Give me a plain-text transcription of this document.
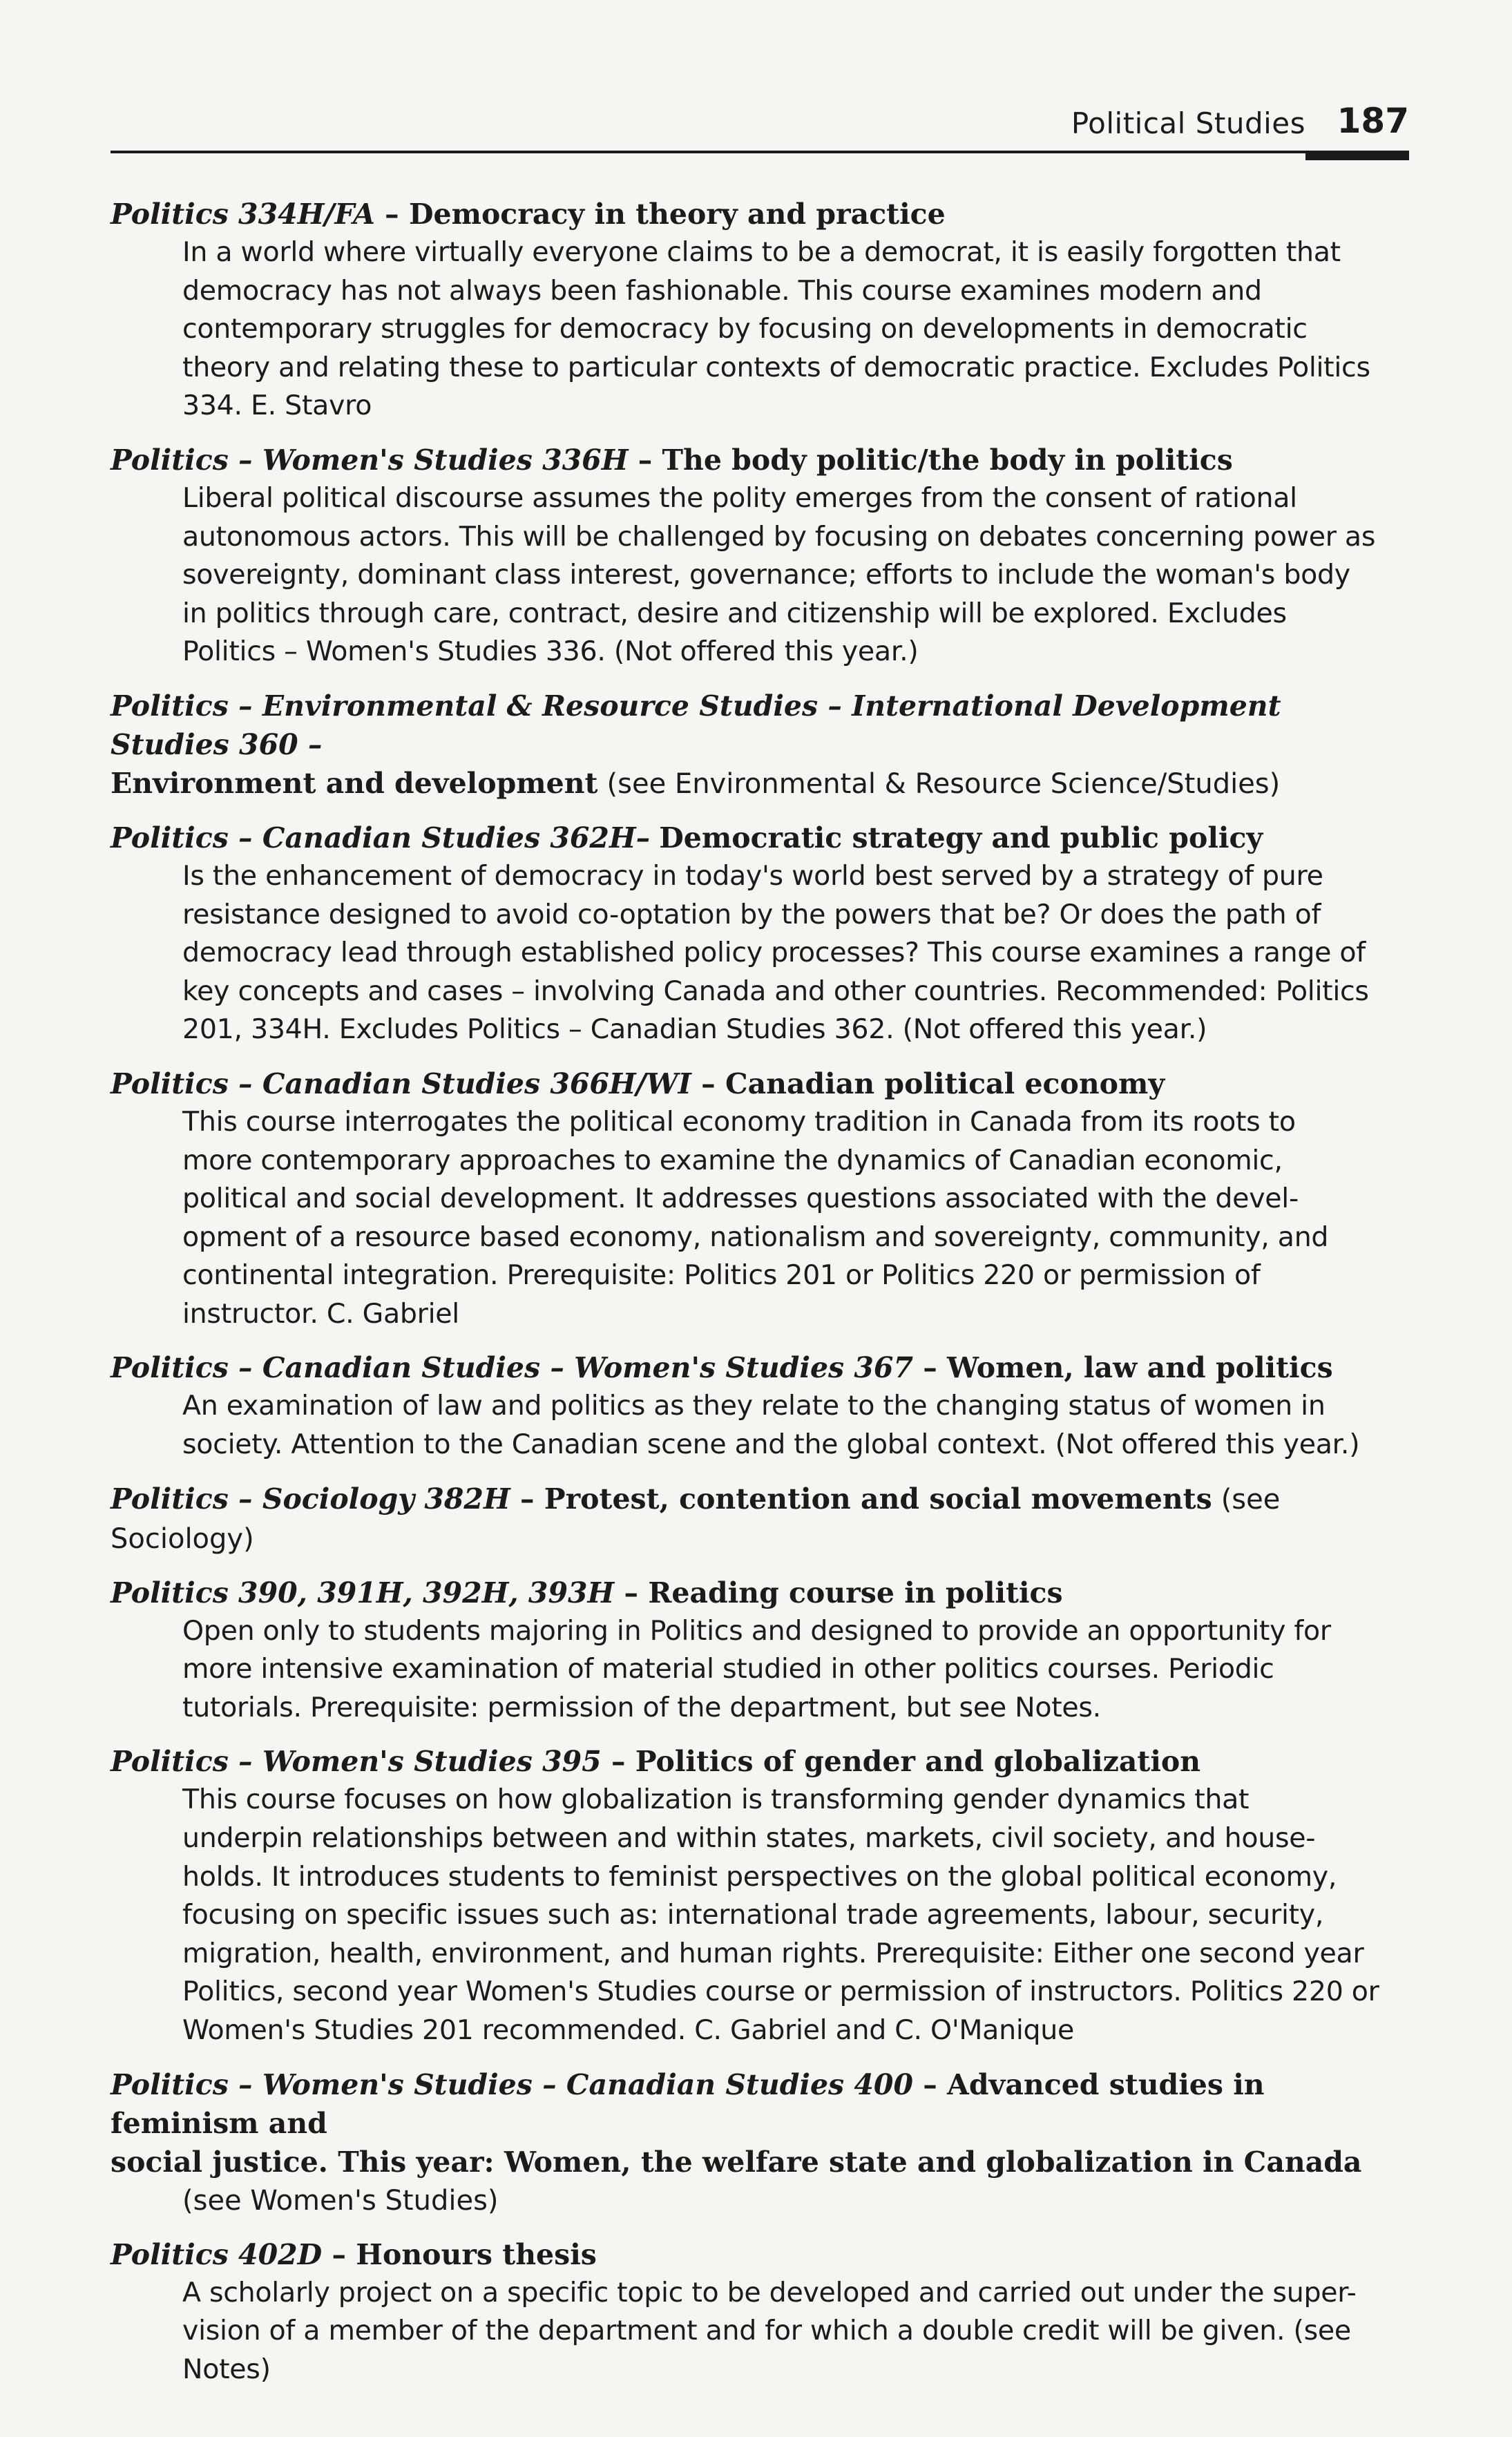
Political Studies 187

Politics 334H/FA – Democracy in theory and practice

In a world where virtually everyone claims to be a democrat, it is easily forgotten that
democracy has not always been fashionable. This course examines modern and
contemporary struggles for democracy by focusing on developments in democratic
theory and relating these to particular contexts of democratic practice. Excludes Politics
334. E. Stavro

Politics – Women's Studies 336H – The body politic/the body in politics

Liberal political discourse assumes the polity emerges from the consent of rational
autonomous actors. This will be challenged by focusing on debates concerning power as
sovereignty, dominant class interest, governance; efforts to include the woman's body
in politics through care, contract, desire and citizenship will be explored. Excludes
Politics – Women's Studies 336. (Not offered this year.)

Politics – Environmental & Resource Studies – International Development Studies 360 –
Environment and development (see Environmental & Resource Science/Studies)

Politics – Canadian Studies 362H– Democratic strategy and public policy

Is the enhancement of democracy in today's world best served by a strategy of pure
resistance designed to avoid co-optation by the powers that be? Or does the path of
democracy lead through established policy processes? This course examines a range of
key concepts and cases – involving Canada and other countries. Recommended: Politics
201, 334H. Excludes Politics – Canadian Studies 362. (Not offered this year.)

Politics – Canadian Studies 366H/WI – Canadian political economy

This course interrogates the political economy tradition in Canada from its roots to
more contemporary approaches to examine the dynamics of Canadian economic,
political and social development. It addresses questions associated with the devel-
opment of a resource based economy, nationalism and sovereignty, community, and
continental integration. Prerequisite: Politics 201 or Politics 220 or permission of
instructor. C. Gabriel

Politics – Canadian Studies – Women's Studies 367 – Women, law and politics

An examination of law and politics as they relate to the changing status of women in
society. Attention to the Canadian scene and the global context. (Not offered this year.)

Politics – Sociology 382H – Protest, contention and social movements (see Sociology)

Politics 390, 391H, 392H, 393H – Reading course in politics

Open only to students majoring in Politics and designed to provide an opportunity for
more intensive examination of material studied in other politics courses. Periodic
tutorials. Prerequisite: permission of the department, but see Notes.

Politics – Women's Studies 395 – Politics of gender and globalization

This course focuses on how globalization is transforming gender dynamics that
underpin relationships between and within states, markets, civil society, and house-
holds. It introduces students to feminist perspectives on the global political economy,
focusing on specific issues such as: international trade agreements, labour, security,
migration, health, environment, and human rights. Prerequisite: Either one second year
Politics, second year Women's Studies course or permission of instructors. Politics 220 or
Women's Studies 201 recommended. C. Gabriel and C. O'Manique

Politics – Women's Studies – Canadian Studies 400 – Advanced studies in feminism and
social justice. This year: Women, the welfare state and globalization in Canada
(see Women's Studies)

Politics 402D – Honours thesis

A scholarly project on a specific topic to be developed and carried out under the super-
vision of a member of the department and for which a double credit will be given. (see
Notes)
